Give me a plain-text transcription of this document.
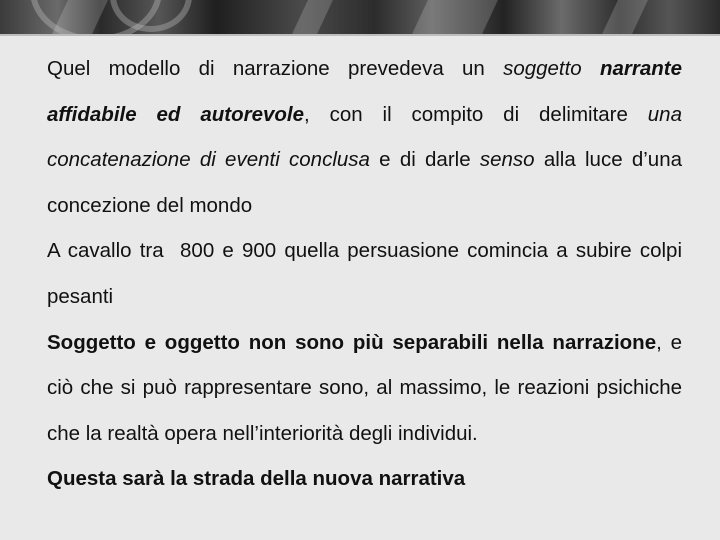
Quel modello di narrazione prevedeva un soggetto narrante affidabile ed autorevole, con il compito di delimitare una concatenazione di eventi conclusa e di darle senso alla luce d’una concezione del mondo

A cavallo tra  800 e 900 quella persuasione comincia a subire colpi pesanti

Soggetto e oggetto non sono più separabili nella narrazione, e ciò che si può rappresentare sono, al massimo, le reazioni psichiche che la realtà opera nell’interiorità degli individui.

Questa sarà la strada della nuova narrativa
